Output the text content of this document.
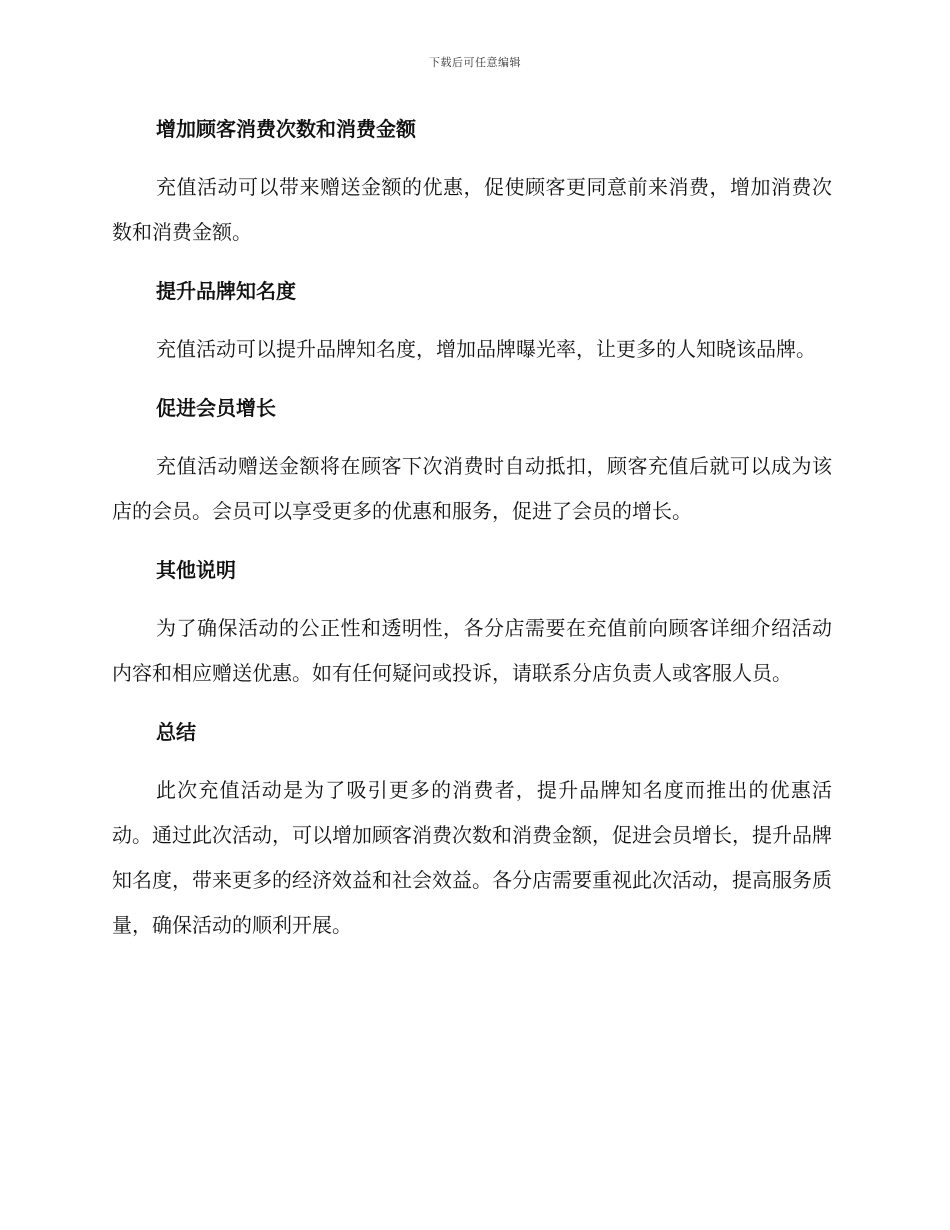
下载后可任意编辑
增加顾客消费次数和消费金额

充值活动可以带来赠送金额的优惠，促使顾客更同意前来消费，增加消费次数和消费金额。

提升品牌知名度

充值活动可以提升品牌知名度，增加品牌曝光率，让更多的人知晓该品牌。

促进会员增长

充值活动赠送金额将在顾客下次消费时自动抵扣，顾客充值后就可以成为该店的会员。会员可以享受更多的优惠和服务，促进了会员的增长。

其他说明

为了确保活动的公正性和透明性，各分店需要在充值前向顾客详细介绍活动内容和相应赠送优惠。如有任何疑问或投诉，请联系分店负责人或客服人员。

总结

此次充值活动是为了吸引更多的消费者，提升品牌知名度而推出的优惠活动。通过此次活动，可以增加顾客消费次数和消费金额，促进会员增长，提升品牌知名度，带来更多的经济效益和社会效益。各分店需要重视此次活动，提高服务质量，确保活动的顺利开展。
